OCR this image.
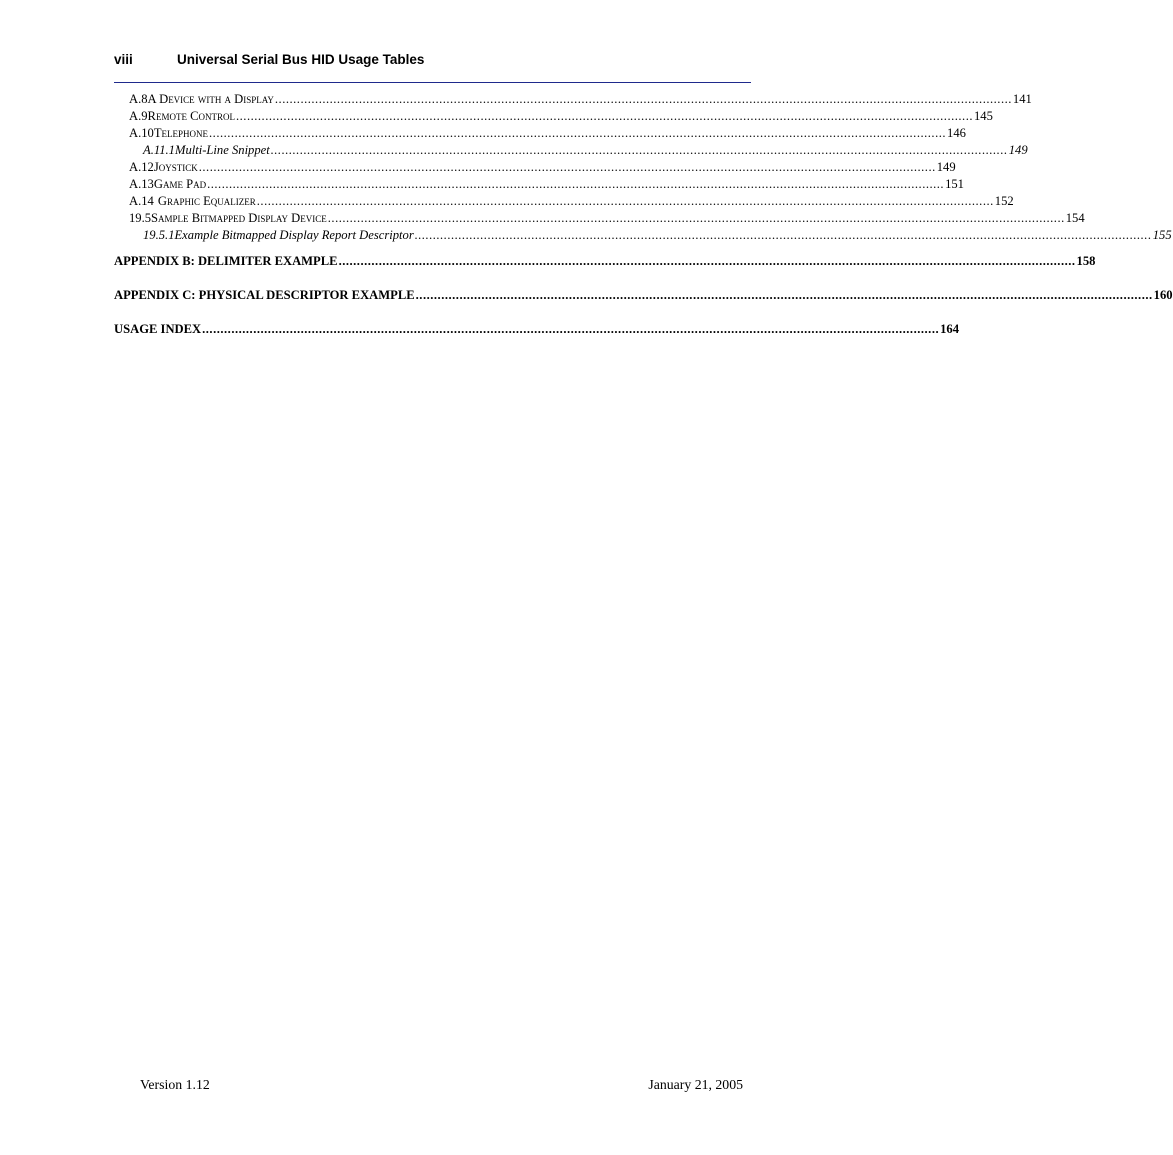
viii	Universal Serial Bus HID Usage Tables
A.8 A Device with a Display .......................................................................................................................................................................................................... 141
A.9 Remote Control .......................................................................................................................................................................................................... 145
A.10 Telephone .......................................................................................................................................................................................................... 146
A.11.1 Multi-Line Snippet .......................................................................................................................................................................................................... 149
A.12 Joystick .......................................................................................................................................................................................................... 149
A.13 Game Pad .......................................................................................................................................................................................................... 151
A.14 Graphic Equalizer .......................................................................................................................................................................................................... 152
19.5 Sample Bitmapped Display Device .......................................................................................................................................................................................................... 154
19.5.1 Example Bitmapped Display Report Descriptor .......................................................................................................................................................................................................... 155
APPENDIX B: DELIMITER EXAMPLE .......................................................................................................................................................................................................... 158
APPENDIX C: PHYSICAL DESCRIPTOR EXAMPLE .......................................................................................................................................................................................................... 160
USAGE INDEX .......................................................................................................................................................................................................... 164
Version 1.12	January 21, 2005
